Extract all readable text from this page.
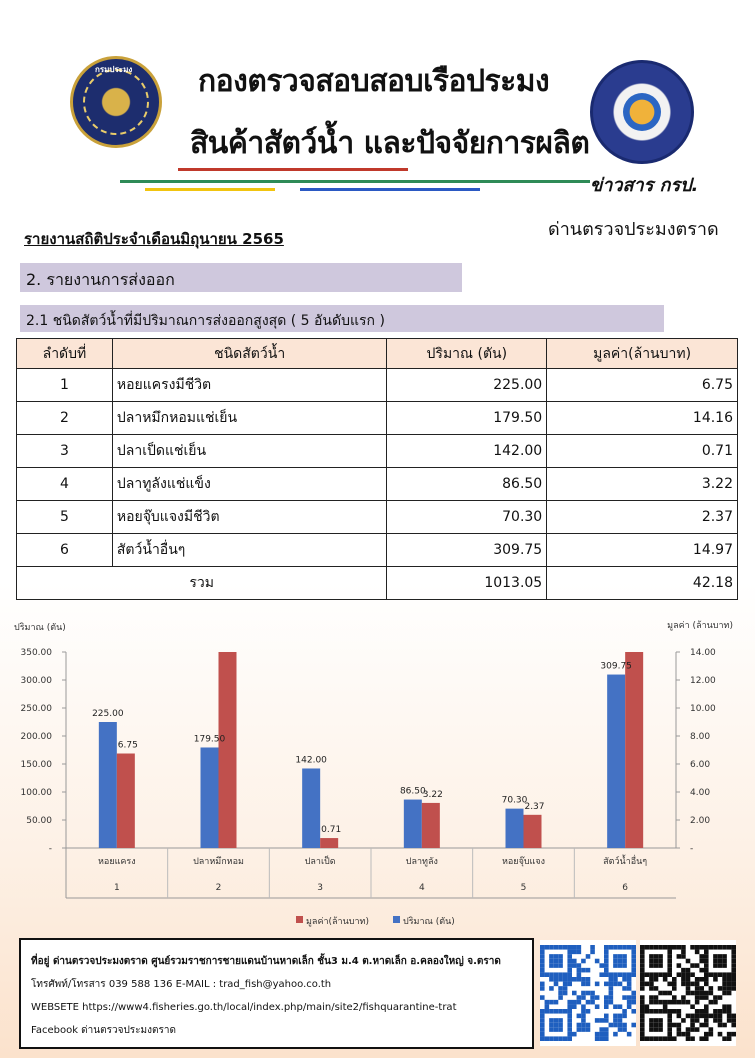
กรมประมง กองตรวจสอบสอบเรือประมง
สินค้าสัตว์น้ำ และปัจจัยการผลิต
ข่าวสาร กรป.
รายงานสถิติประจำเดือนมิถุนายน 2565	ด่านตรวจประมงตราด
2. รายงานการส่งออก
2.1 ชนิดสัตว์น้ำที่มีปริมาณการส่งออกสูงสุด ( 5 อันดับแรก )
ลำดับที่	ชนิดสัตว์น้ำ	ปริมาณ (ตัน)	มูลค่า(ล้านบาท)
1	หอยแครงมีชีวิต	225.00	6.75
2	ปลาหมึกหอมแช่เย็น	179.50	14.16
3	ปลาเป็ดแช่เย็น	142.00	0.71
4	ปลาทูลังแช่แข็ง	86.50	3.22
5	หอยจุ๊บแจงมีชีวิต	70.30	2.37
6	สัตว์น้ำอื่นๆ	309.75	14.97
รวม		1013.05	42.18
ปริมาณ (ตัน)	มูลค่า (ล้านบาท)
-
50.00
100.00
150.00
200.00
250.00
300.00
350.00
-
2.00
4.00
6.00
8.00
10.00
12.00
14.00
225.00
6.75
หอยแครง
1
179.50
ปลาหมึกหอม
2
142.00
0.71
ปลาเป็ด
3
86.50
3.22
ปลาทูลัง
4
70.30
2.37
หอยจุ๊บแจง
5
309.75
สัตว์น้ำอื่นๆ
6
มูลค่า(ล้านบาท)	ปริมาณ (ตัน)
ที่อยู่ ด่านตรวจประมงตราด ศูนย์รวมราชการชายแดนบ้านหาดเล็ก ชั้น3 ม.4 ต.หาดเล็ก อ.คลองใหญ่ จ.ตราด
โทรศัพท์/โทรสาร 039 588 136 E-MAIL : trad_fish@yahoo.co.th
WEBSETE https://www4.fisheries.go.th/local/index.php/main/site2/fishquarantine-trat
Facebook ด่านตรวจประมงตราด
